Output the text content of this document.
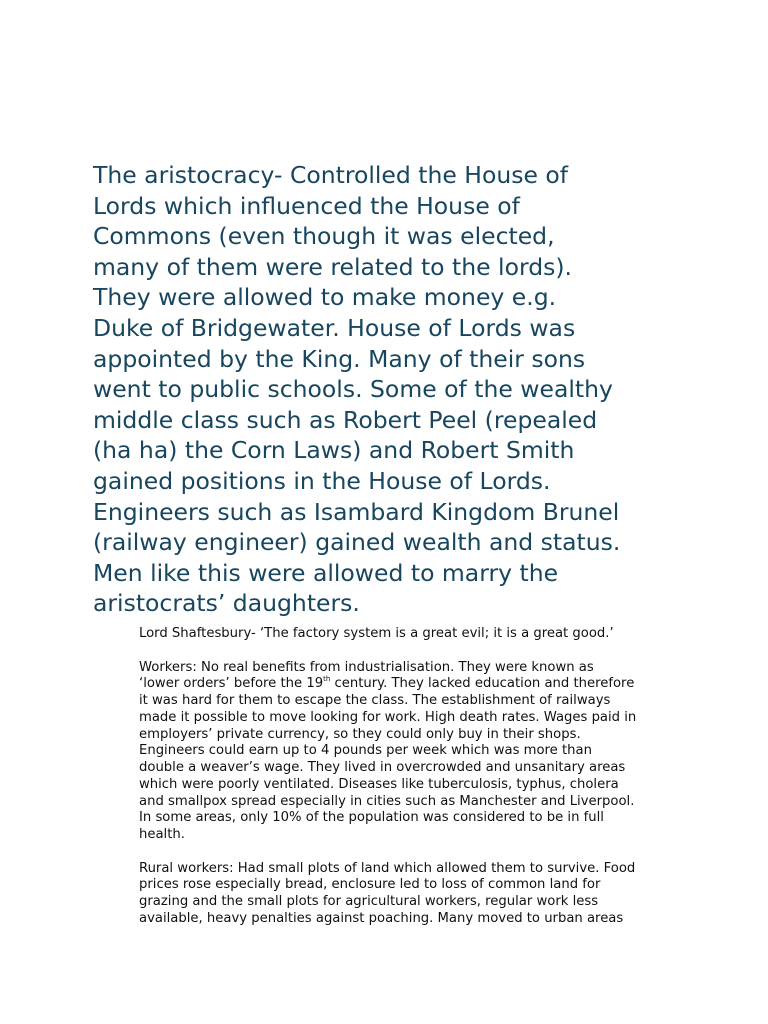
The aristocracy- Controlled the House of
Lords which influenced the House of
Commons (even though it was elected,
many of them were related to the lords).
They were allowed to make money e.g.
Duke of Bridgewater. House of Lords was
appointed by the King. Many of their sons
went to public schools. Some of the wealthy
middle class such as Robert Peel (repealed
(ha ha) the Corn Laws) and Robert Smith
gained positions in the House of Lords.
Engineers such as Isambard Kingdom Brunel
(railway engineer) gained wealth and status.
Men like this were allowed to marry the
aristocrats’ daughters.

Lord Shaftesbury- ‘The factory system is a great evil; it is a great good.’

Workers: No real benefits from industrialisation. They were known as

‘lower orders’ before the 19th century. They lacked education and therefore

it was hard for them to escape the class. The establishment of railways
made it possible to move looking for work. High death rates. Wages paid in
employers’ private currency, so they could only buy in their shops.
Engineers could earn up to 4 pounds per week which was more than
double a weaver’s wage. They lived in overcrowded and unsanitary areas
which were poorly ventilated. Diseases like tuberculosis, typhus, cholera
and smallpox spread especially in cities such as Manchester and Liverpool.
In some areas, only 10% of the population was considered to be in full
health.

Rural workers: Had small plots of land which allowed them to survive. Food
prices rose especially bread, enclosure led to loss of common land for
grazing and the small plots for agricultural workers, regular work less
available, heavy penalties against poaching. Many moved to urban areas
